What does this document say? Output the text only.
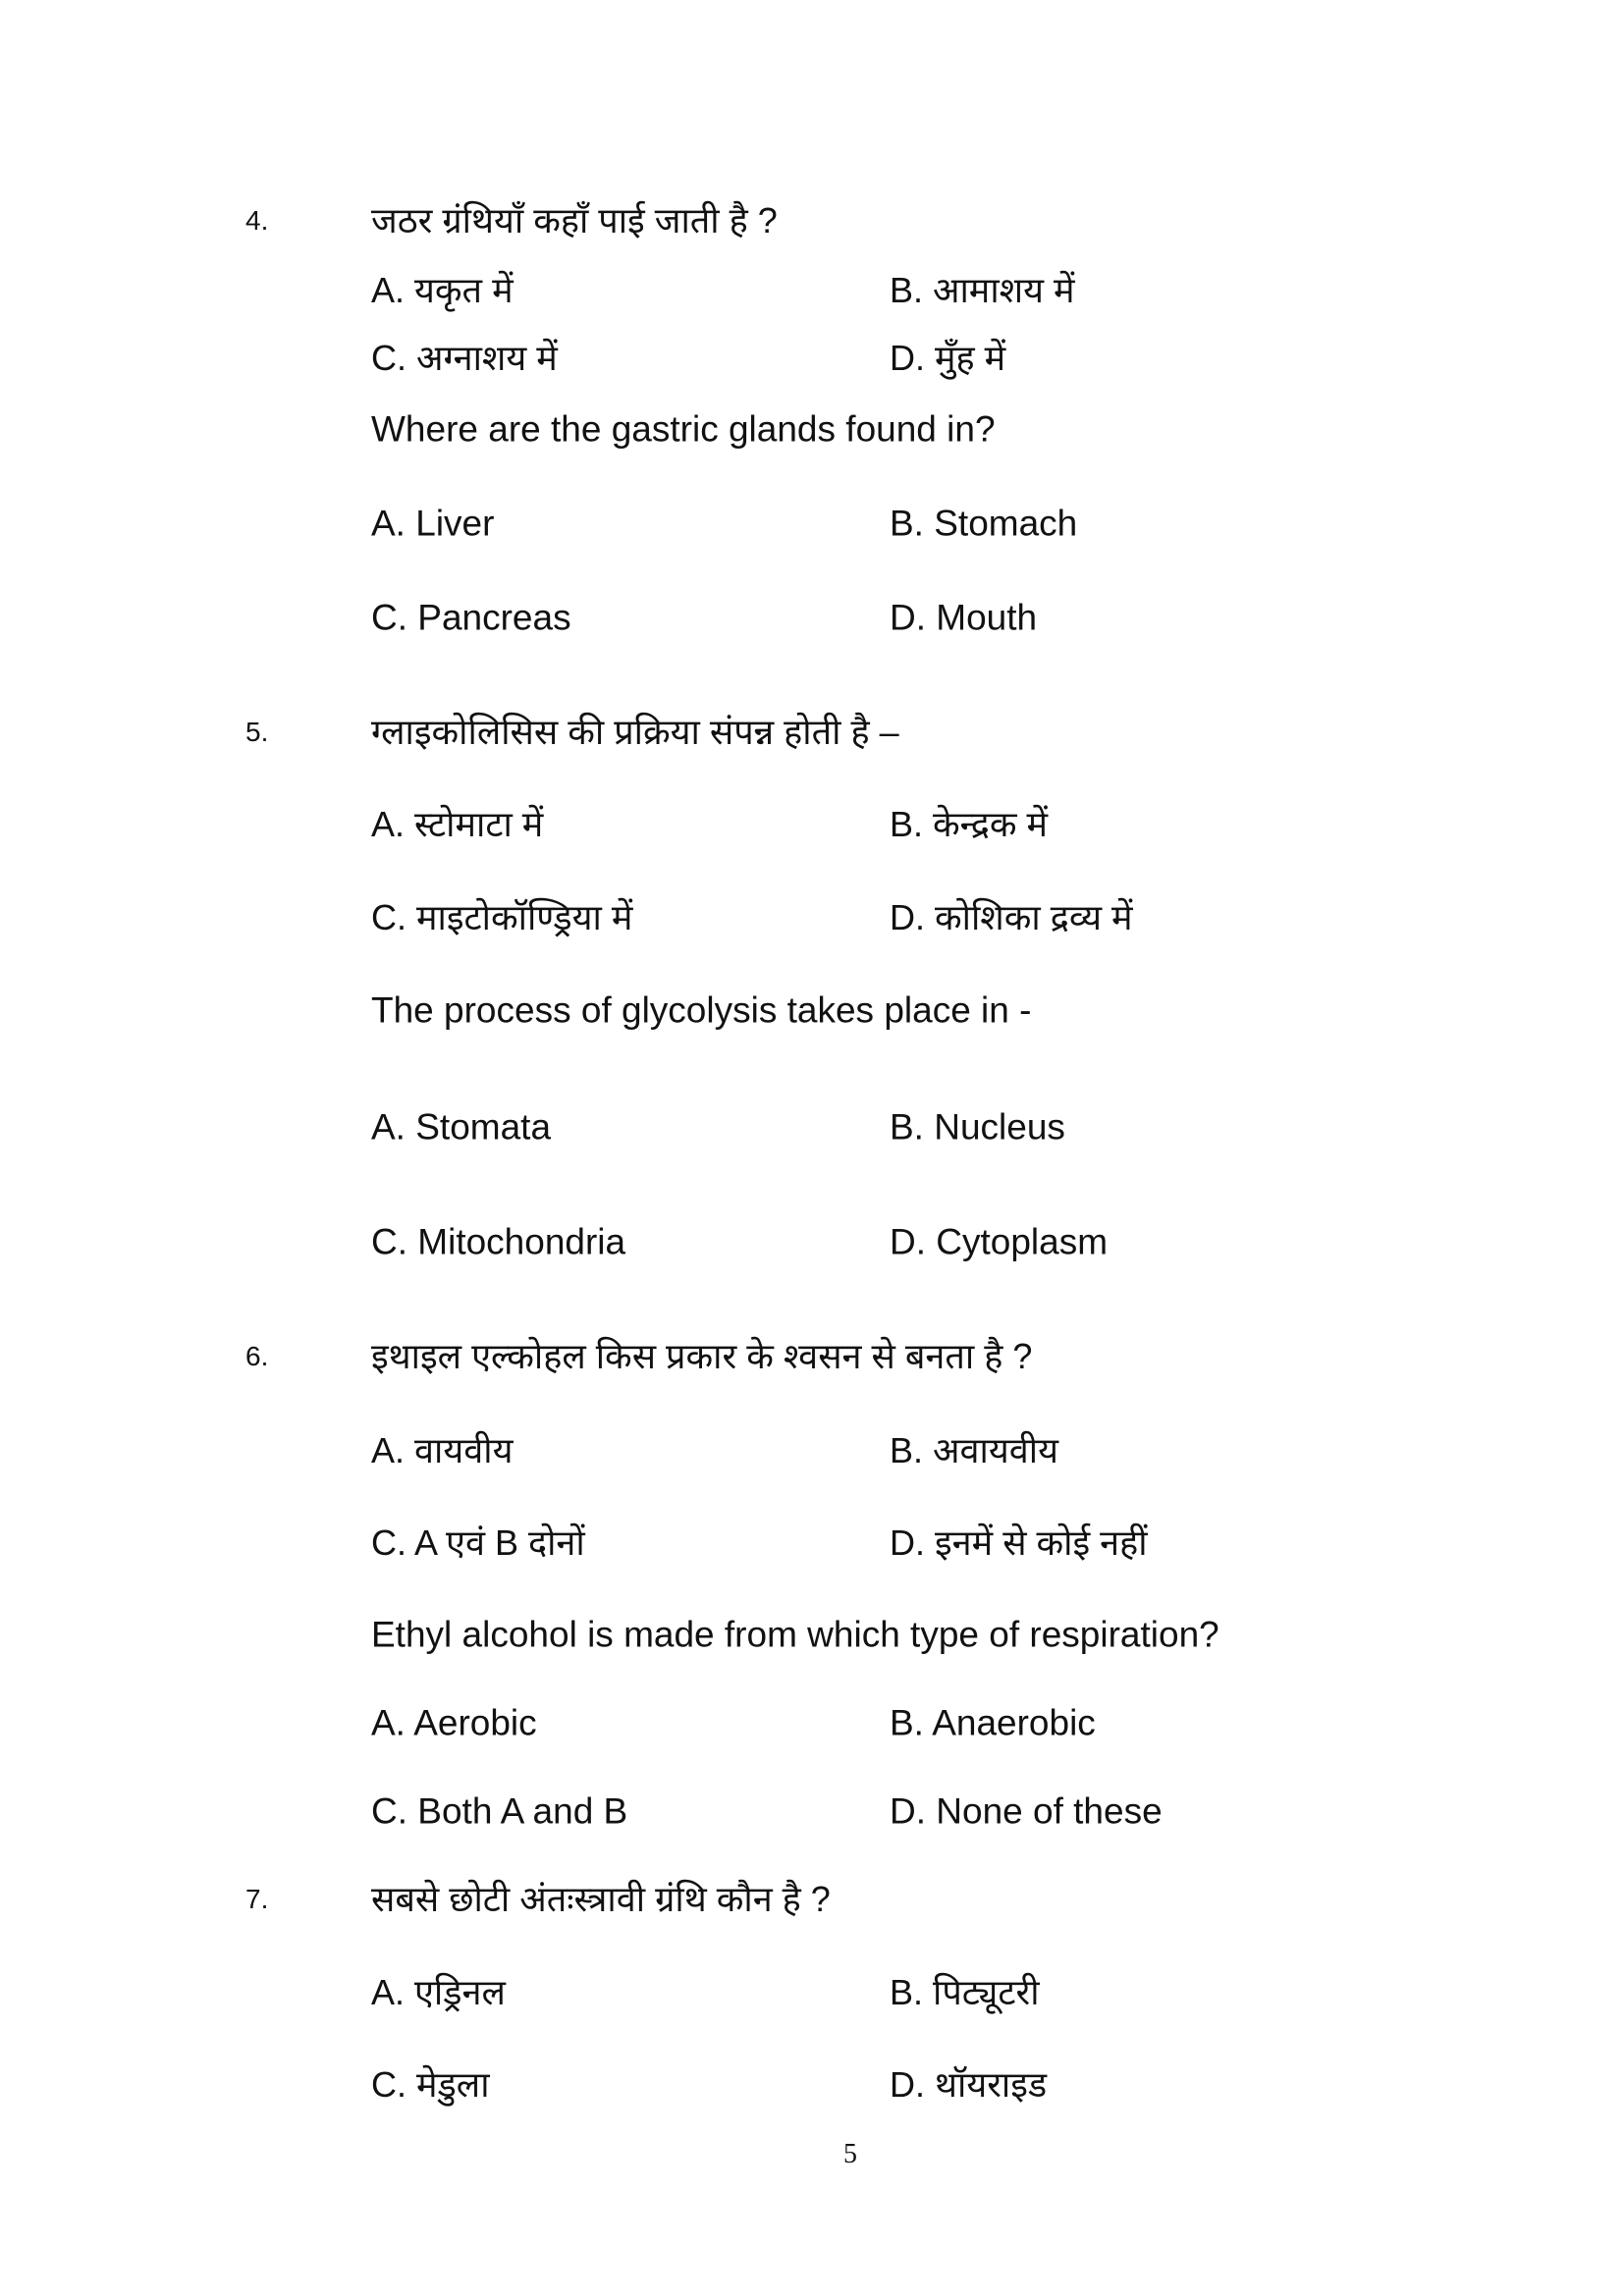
4.	जठर ग्रंथियाँ कहाँ पाई जाती है ?
A. यकृत में	B. आमाशय में
C. अग्नाशय में	D. मुँह में
Where are the gastric glands found in?
A. Liver	B. Stomach
C. Pancreas	D. Mouth
5.	ग्लाइकोलिसिस की प्रक्रिया संपन्न होती है –
A. स्टोमाटा में	B. केन्द्रक में
C. माइटोकॉण्ड्रिया में	D. कोशिका द्रव्य में
The process of glycolysis takes place in -
A. Stomata	B. Nucleus
C. Mitochondria	D. Cytoplasm
6.	इथाइल एल्कोहल किस प्रकार के श्वसन से बनता है ?
A. वायवीय	B. अवायवीय
C. A एवं B दोनों	D. इनमें से कोई नहीं
Ethyl alcohol is made from which type of respiration?
A. Aerobic	B. Anaerobic
C. Both A and B	D. None of these
7.	सबसे छोटी अंतःस्त्रावी ग्रंथि कौन है ?
A. एड्रिनल	B. पिट्यूटरी
C. मेडुला	D. थॉयराइड
5
